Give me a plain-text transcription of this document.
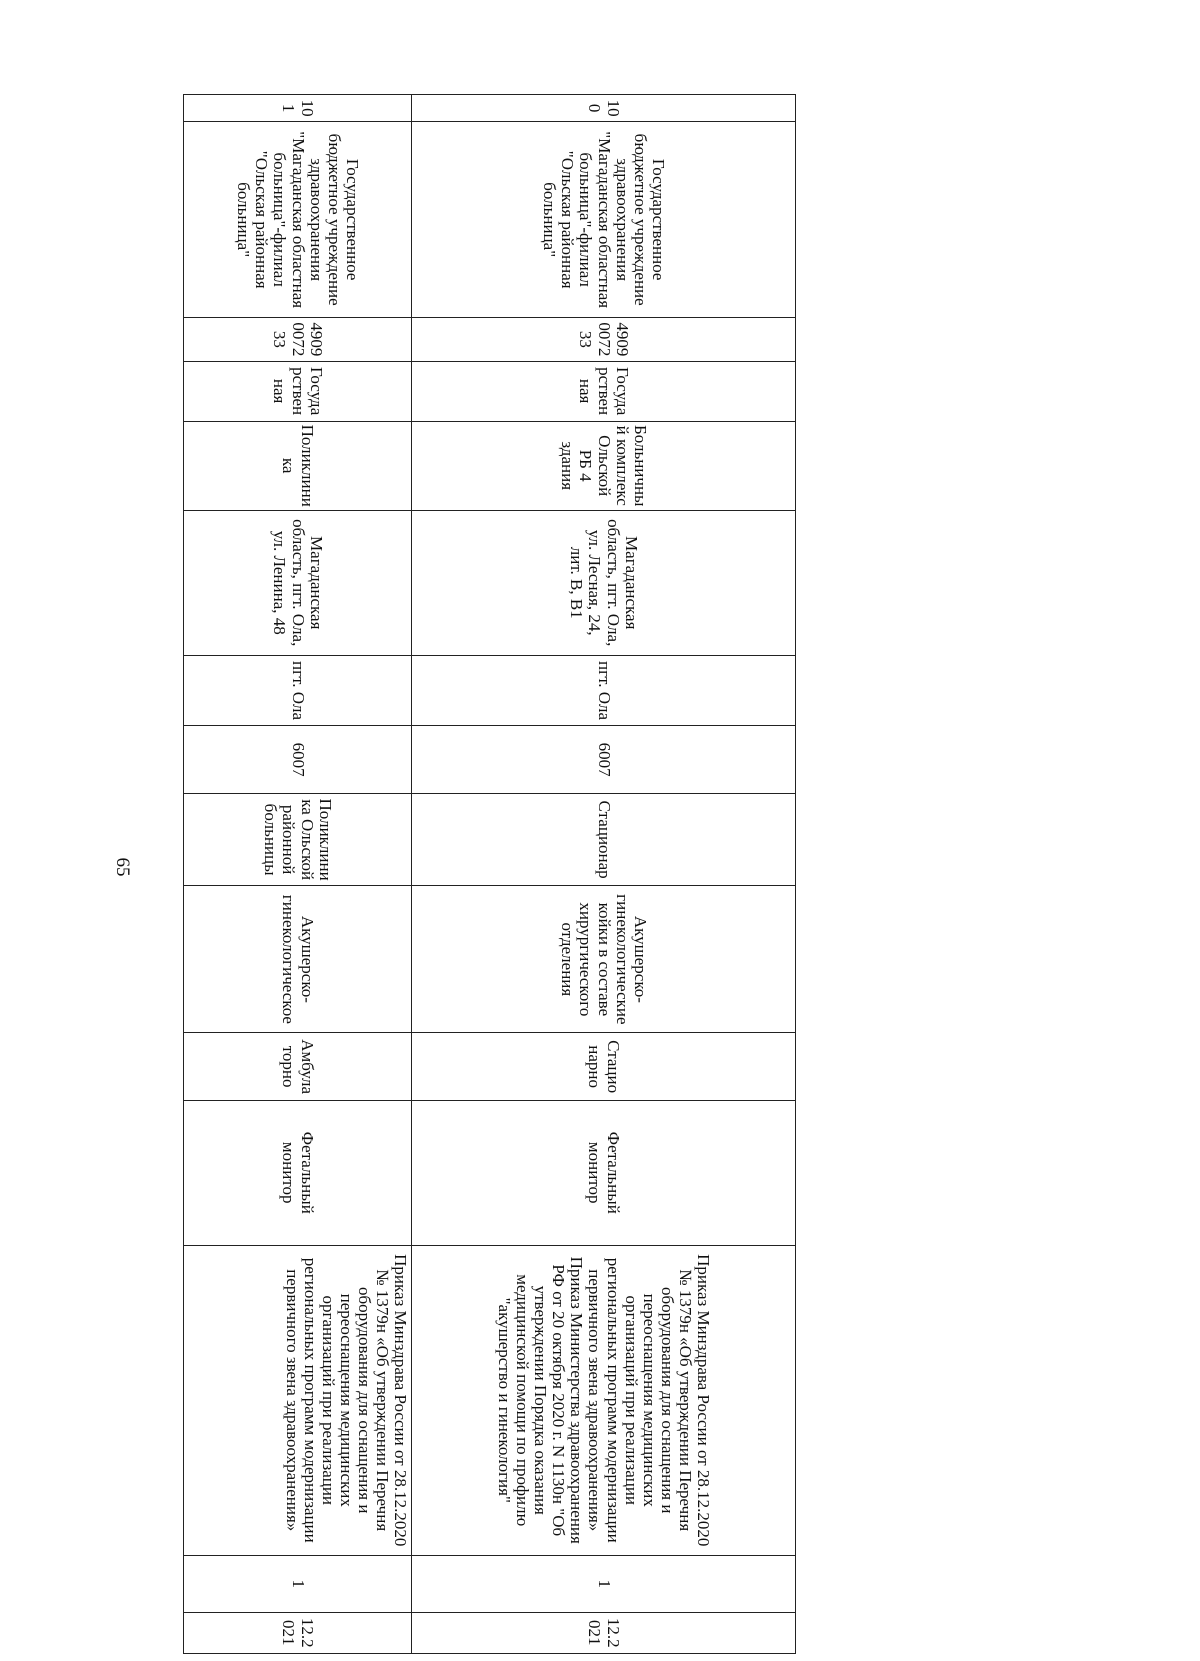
65
100	Государственное бюджетное учреждение здравоохранения "Магаданская областная больница"-филиал "Ольская районная больница"	4909007233	Государственная	Больничный комплекс Ольской РБ 4 здания	Магаданская область, пгт. Ола, ул. Лесная, 24, лит. В, В1	пгт. Ола	6007	Стационар	Акушерско-гинекологические койки в составе хирургического отделения	Стационарно	Фетальный монитор	Приказ Минздрава России от 28.12.2020 № 1379н «Об утверждении Перечня оборудования для оснащения и переоснащения медицинских организаций при реализации региональных программ модернизации первичного звена здравоохранения» Приказ Министерства здравоохранения РФ от 20 октября 2020 г. N 1130н "Об утверждении Порядка оказания медицинской помощи по профилю "акушерство и гинекология"	1	12.2021
101	Государственное бюджетное учреждение здравоохранения "Магаданская областная больница"-филиал "Ольская районная больница"	4909007233	Государственная	Поликлиника	Магаданская область, пгт. Ола, ул. Ленина, 48	пгт. Ола	6007	Поликлиника Ольской районной больницы	Акушерско-гинекологическое	Амбулаторно	Фетальный монитор	Приказ Минздрава России от 28.12.2020 № 1379н «Об утверждении Перечня оборудования для оснащения и переоснащения медицинских организаций при реализации региональных программ модернизации первичного звена здравоохранения»	1	12.2021
